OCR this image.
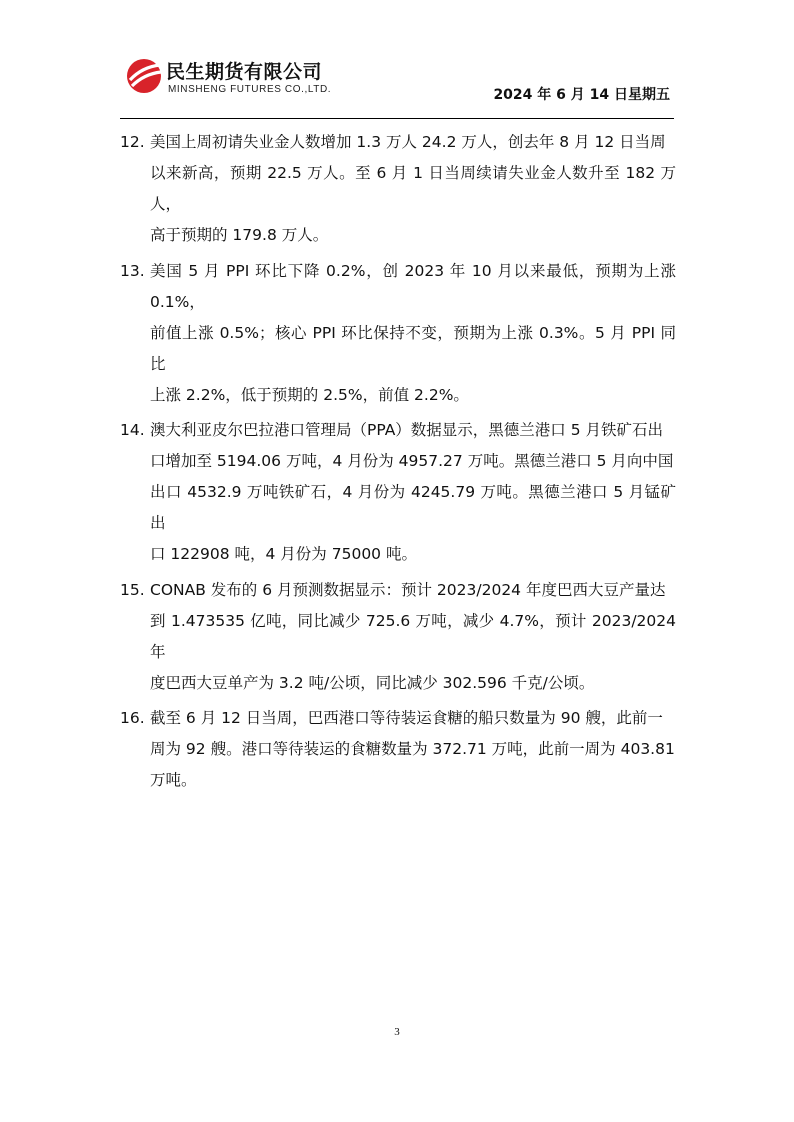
民生期货有限公司
MINSHENG FUTURES CO.,LTD.	2024 年 6 月 14 日星期五
12. 美国上周初请失业金人数增加 1.3 万人 24.2 万人，创去年 8 月 12 日当周
以来新高，预期 22.5 万人。至 6 月 1 日当周续请失业金人数升至 182 万人，
高于预期的 179.8 万人。
13. 美国 5 月 PPI 环比下降 0.2%，创 2023 年 10 月以来最低，预期为上涨 0.1%，
前值上涨 0.5%；核心 PPI 环比保持不变，预期为上涨 0.3%。5 月 PPI 同比
上涨 2.2%，低于预期的 2.5%，前值 2.2%。
14. 澳大利亚皮尔巴拉港口管理局（PPA）数据显示，黑德兰港口 5 月铁矿石出
口增加至 5194.06 万吨，4 月份为 4957.27 万吨。黑德兰港口 5 月向中国
出口 4532.9 万吨铁矿石，4 月份为 4245.79 万吨。黑德兰港口 5 月锰矿出
口 122908 吨，4 月份为 75000 吨。
15. CONAB 发布的 6 月预测数据显示：预计 2023/2024 年度巴西大豆产量达
到 1.473535 亿吨，同比减少 725.6 万吨，减少 4.7%，预计 2023/2024 年
度巴西大豆单产为 3.2 吨/公顷，同比减少 302.596 千克/公顷。
16. 截至 6 月 12 日当周，巴西港口等待装运食糖的船只数量为 90 艘，此前一
周为 92 艘。港口等待装运的食糖数量为 372.71 万吨，此前一周为 403.81
万吨。
3
